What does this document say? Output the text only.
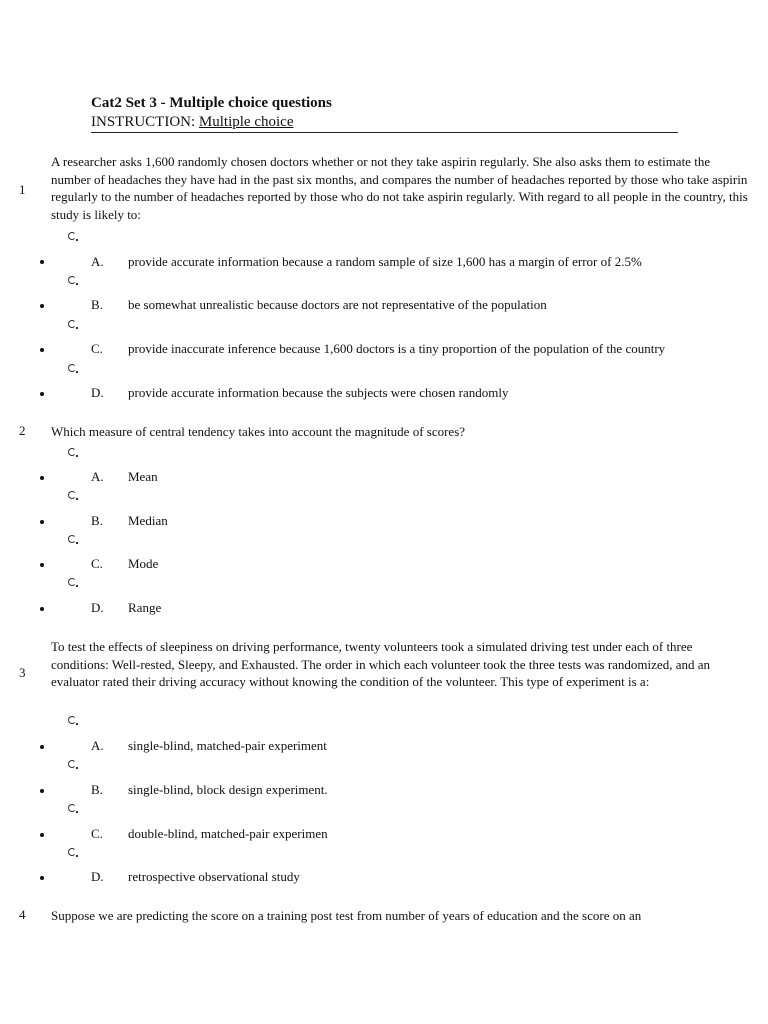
Cat2 Set 3 - Multiple choice questions
INSTRUCTION: Multiple choice
1

A researcher asks 1,600 randomly chosen doctors whether or not they take aspirin regularly. She also asks them to estimate the number of headaches they have had in the past six months, and compares the number of headaches reported by those who take aspirin regularly to the number of headaches reported by those who do not take aspirin regularly. With regard to all people in the country, this study is likely to:

A. provide accurate information because a random sample of size 1,600 has a margin of error of 2.5%
B. be somewhat unrealistic because doctors are not representative of the population
C. provide inaccurate inference because 1,600 doctors is a tiny proportion of the population of the country
D. provide accurate information because the subjects were chosen randomly
2 Which measure of central tendency takes into account the magnitude of scores?

A. Mean
B. Median
C. Mode
D. Range
3

To test the effects of sleepiness on driving performance, twenty volunteers took a simulated driving test under each of three conditions: Well-rested, Sleepy, and Exhausted. The order in which each volunteer took the three tests was randomized, and an evaluator rated their driving accuracy without knowing the condition of the volunteer. This type of experiment is a:

A. single-blind, matched-pair experiment
B. single-blind, block design experiment.
C. double-blind, matched-pair experimen
D. retrospective observational study
4 Suppose we are predicting the score on a training post test from number of years of education and the score on an
